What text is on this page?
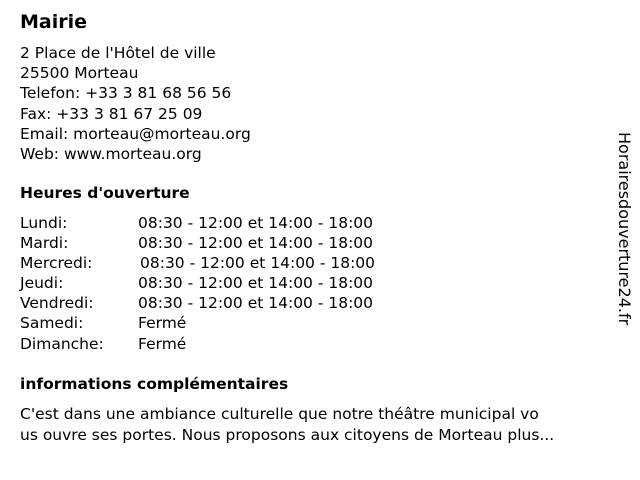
Mairie
2 Place de l'Hôtel de ville
25500 Morteau
Telefon: +33 3 81 68 56 56
Fax: +33 3 81 67 25 09
Email: morteau@morteau.org
Web: www.morteau.org
Heures d'ouverture
Lundi:	08:30 - 12:00 et 14:00 - 18:00
Mardi:	08:30 - 12:00 et 14:00 - 18:00
Mercredi:	08:30 - 12:00 et 14:00 - 18:00
Jeudi:	08:30 - 12:00 et 14:00 - 18:00
Vendredi:	08:30 - 12:00 et 14:00 - 18:00
Samedi:	Fermé
Dimanche: Fermé
informations complémentaires
C'est dans une ambiance culturelle que notre théâtre municipal vo
us ouvre ses portes. Nous proposons aux citoyens de Morteau plus...
Horairesdouverture24.fr
